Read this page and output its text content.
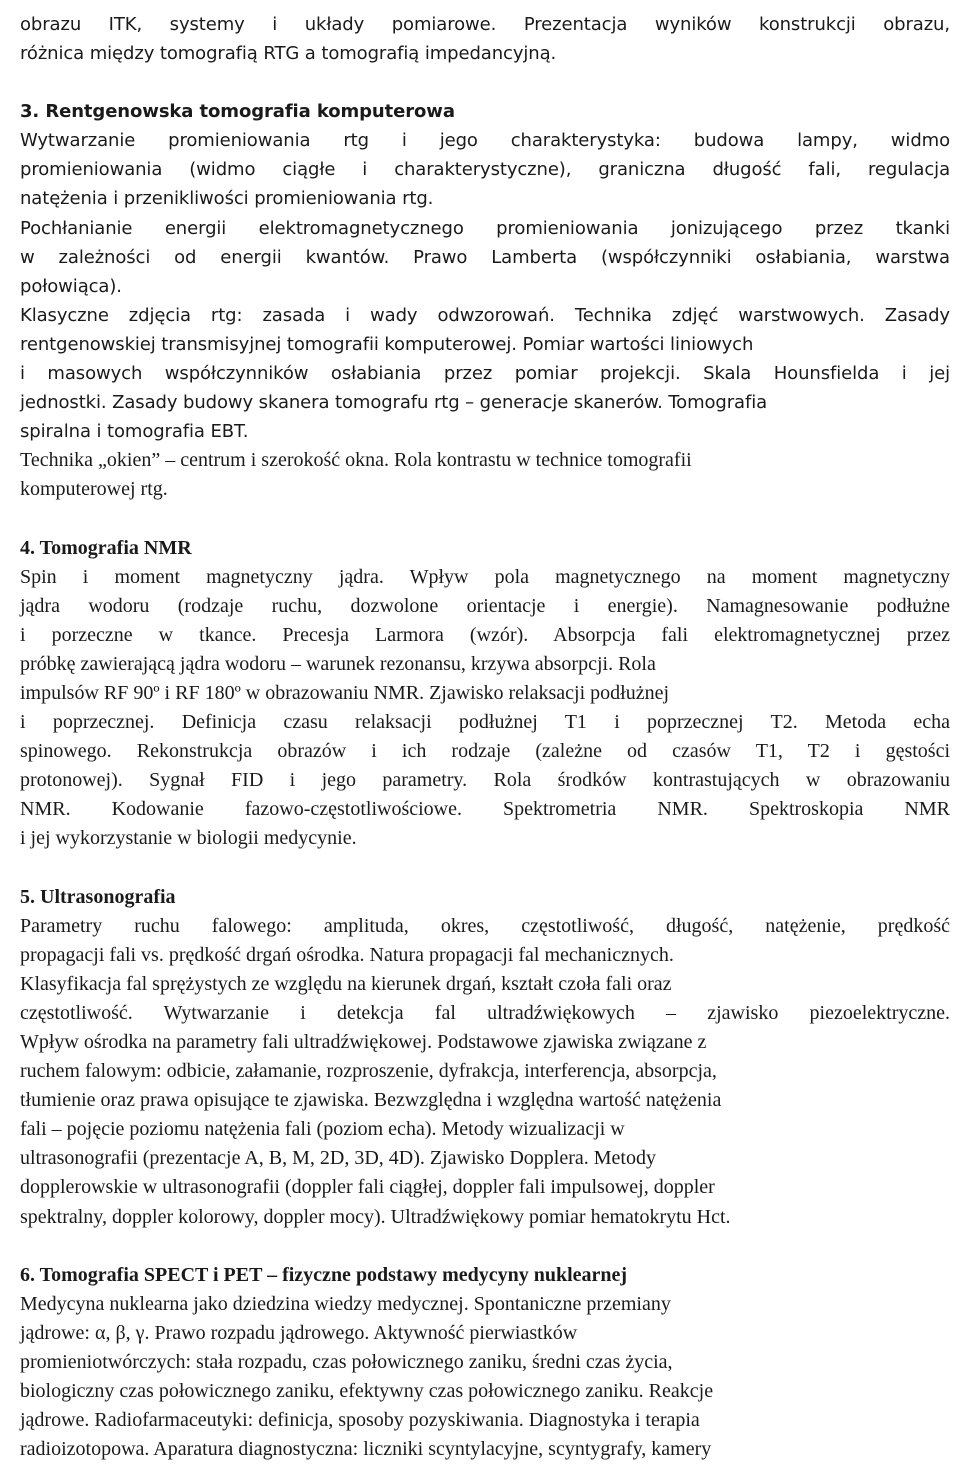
obrazu ITK, systemy i układy pomiarowe. Prezentacja wyników konstrukcji obrazu,
różnica między tomografią RTG a tomografią impedancyjną.
3. Rentgenowska tomografia komputerowa
Wytwarzanie promieniowania rtg i jego charakterystyka: budowa lampy, widmo
promieniowania (widmo ciągłe i charakterystyczne), graniczna długość fali, regulacja
natężenia i przenikliwości promieniowania rtg.
Pochłanianie energii elektromagnetycznego promieniowania jonizującego przez tkanki
w zależności od energii kwantów. Prawo Lamberta (współczynniki osłabiania, warstwa
połowiąca).
Klasyczne zdjęcia rtg: zasada i wady odwzorowań. Technika zdjęć warstwowych. Zasady
rentgenowskiej transmisyjnej tomografii komputerowej. Pomiar wartości liniowych
i masowych współczynników osłabiania przez pomiar projekcji. Skala Hounsfielda i jej
jednostki. Zasady budowy skanera tomografu rtg – generacje skanerów. Tomografia
spiralna i tomografia EBT.
Technika „okien” – centrum i szerokość okna. Rola kontrastu w technice tomografii
komputerowej rtg.
4. Tomografia NMR
Spin i moment magnetyczny jądra. Wpływ pola magnetycznego na moment magnetyczny
jądra wodoru (rodzaje ruchu, dozwolone orientacje i energie). Namagnesowanie podłużne
i porzeczne w tkance. Precesja Larmora (wzór). Absorpcja fali elektromagnetycznej przez
próbkę zawierającą jądra wodoru – warunek rezonansu, krzywa absorpcji. Rola
impulsów RF 90º i RF 180º w obrazowaniu NMR. Zjawisko relaksacji podłużnej
i poprzecznej. Definicja czasu relaksacji podłużnej T1 i poprzecznej T2. Metoda echa
spinowego. Rekonstrukcja obrazów i ich rodzaje (zależne od czasów T1, T2 i gęstości
protonowej). Sygnał FID i jego parametry. Rola środków kontrastujących w obrazowaniu
NMR. Kodowanie fazowo-częstotliwościowe. Spektrometria NMR. Spektroskopia NMR
i jej wykorzystanie w biologii medycynie.
5. Ultrasonografia
Parametry ruchu falowego: amplituda, okres, częstotliwość, długość, natężenie, prędkość
propagacji fali vs. prędkość drgań ośrodka. Natura propagacji fal mechanicznych.
Klasyfikacja fal sprężystych ze względu na kierunek drgań, kształt czoła fali oraz
częstotliwość. Wytwarzanie i detekcja fal ultradźwiękowych – zjawisko piezoelektryczne.
Wpływ ośrodka na parametry fali ultradźwiękowej. Podstawowe zjawiska związane z
ruchem falowym: odbicie, załamanie, rozproszenie, dyfrakcja, interferencja, absorpcja,
tłumienie oraz prawa opisujące te zjawiska. Bezwzględna i względna wartość natężenia
fali – pojęcie poziomu natężenia fali (poziom echa). Metody wizualizacji w
ultrasonografii (prezentacje A, B, M, 2D, 3D, 4D). Zjawisko Dopplera. Metody
dopplerowskie w ultrasonografii (doppler fali ciągłej, doppler fali impulsowej, doppler
spektralny, doppler kolorowy, doppler mocy). Ultradźwiękowy pomiar hematokrytu Hct.
6. Tomografia SPECT i PET – fizyczne podstawy medycyny nuklearnej
Medycyna nuklearna jako dziedzina wiedzy medycznej. Spontaniczne przemiany
jądrowe: α, β, γ. Prawo rozpadu jądrowego. Aktywność pierwiastków
promieniotwórczych: stała rozpadu, czas połowicznego zaniku, średni czas życia,
biologiczny czas połowicznego zaniku, efektywny czas połowicznego zaniku. Reakcje
jądrowe. Radiofarmaceutyki: definicja, sposoby pozyskiwania. Diagnostyka i terapia
radioizotopowa. Aparatura diagnostyczna: liczniki scyntylacyjne, scyntygrafy, kamery
